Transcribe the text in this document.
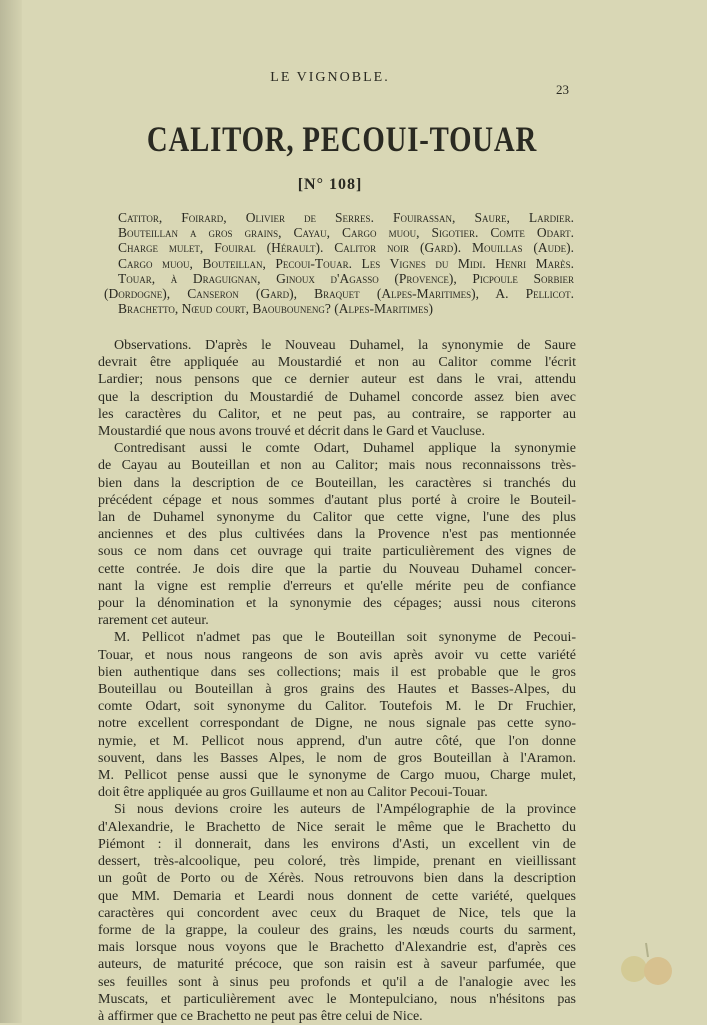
LE VIGNOBLE.
23
CALITOR, PECOUI-TOUAR
[N° 108]
Catitor, Foirard, Olivier de Serres. Fouirassan, Saure, Lardier.
Bouteillan a gros grains, Cayau, Cargo muou, Sigotier. Comte Odart.
Charge mulet, Fouiral (Hérault). Calitor noir (Gard). Mouillas (Aude).
Cargo muou, Bouteillan, Pecoui-Touar. Les Vignes du Midi. Henri Marès.
Touar, à Draguignan, Ginoux d'Agasso (Provence), Picpoule Sorbier
(Dordogne), Canseron (Gard), Braquet (Alpes-Maritimes), A. Pellicot.
Brachetto, Nœud court, Baoubouneng? (Alpes-Maritimes)
Observations. D'après le Nouveau Duhamel, la synonymie de Saure
devrait être appliquée au Moustardié et non au Calitor comme l'écrit
Lardier; nous pensons que ce dernier auteur est dans le vrai, attendu
que la description du Moustardié de Duhamel concorde assez bien avec
les caractères du Calitor, et ne peut pas, au contraire, se rapporter au
Moustardié que nous avons trouvé et décrit dans le Gard et Vaucluse.
Contredisant aussi le comte Odart, Duhamel applique la synonymie
de Cayau au Bouteillan et non au Calitor; mais nous reconnaissons très-
bien dans la description de ce Bouteillan, les caractères si tranchés du
précédent cépage et nous sommes d'autant plus porté à croire le Bouteil-
lan de Duhamel synonyme du Calitor que cette vigne, l'une des plus
anciennes et des plus cultivées dans la Provence n'est pas mentionnée
sous ce nom dans cet ouvrage qui traite particulièrement des vignes de
cette contrée. Je dois dire que la partie du Nouveau Duhamel concer-
nant la vigne est remplie d'erreurs et qu'elle mérite peu de confiance
pour la dénomination et la synonymie des cépages; aussi nous citerons
rarement cet auteur.
M. Pellicot n'admet pas que le Bouteillan soit synonyme de Pecoui-
Touar, et nous nous rangeons de son avis après avoir vu cette variété
bien authentique dans ses collections; mais il est probable que le gros
Bouteillau ou Bouteillan à gros grains des Hautes et Basses-Alpes, du
comte Odart, soit synonyme du Calitor. Toutefois M. le Dr Fruchier,
notre excellent correspondant de Digne, ne nous signale pas cette syno-
nymie, et M. Pellicot nous apprend, d'un autre côté, que l'on donne
souvent, dans les Basses Alpes, le nom de gros Bouteillan à l'Aramon.
M. Pellicot pense aussi que le synonyme de Cargo muou, Charge mulet,
doit être appliquée au gros Guillaume et non au Calitor Pecoui-Touar.
Si nous devions croire les auteurs de l'Ampélographie de la province
d'Alexandrie, le Brachetto de Nice serait le même que le Brachetto du
Piémont : il donnerait, dans les environs d'Asti, un excellent vin de
dessert, très-alcoolique, peu coloré, très limpide, prenant en vieillissant
un goût de Porto ou de Xérès. Nous retrouvons bien dans la description
que MM. Demaria et Leardi nous donnent de cette variété, quelques
caractères qui concordent avec ceux du Braquet de Nice, tels que la
forme de la grappe, la couleur des grains, les nœuds courts du sarment,
mais lorsque nous voyons que le Brachetto d'Alexandrie est, d'après ces
auteurs, de maturité précoce, que son raisin est à saveur parfumée, que
ses feuilles sont à sinus peu profonds et qu'il a de l'analogie avec les
Muscats, et particulièrement avec le Montepulciano, nous n'hésitons pas
à affirmer que ce Brachetto ne peut pas être celui de Nice.
